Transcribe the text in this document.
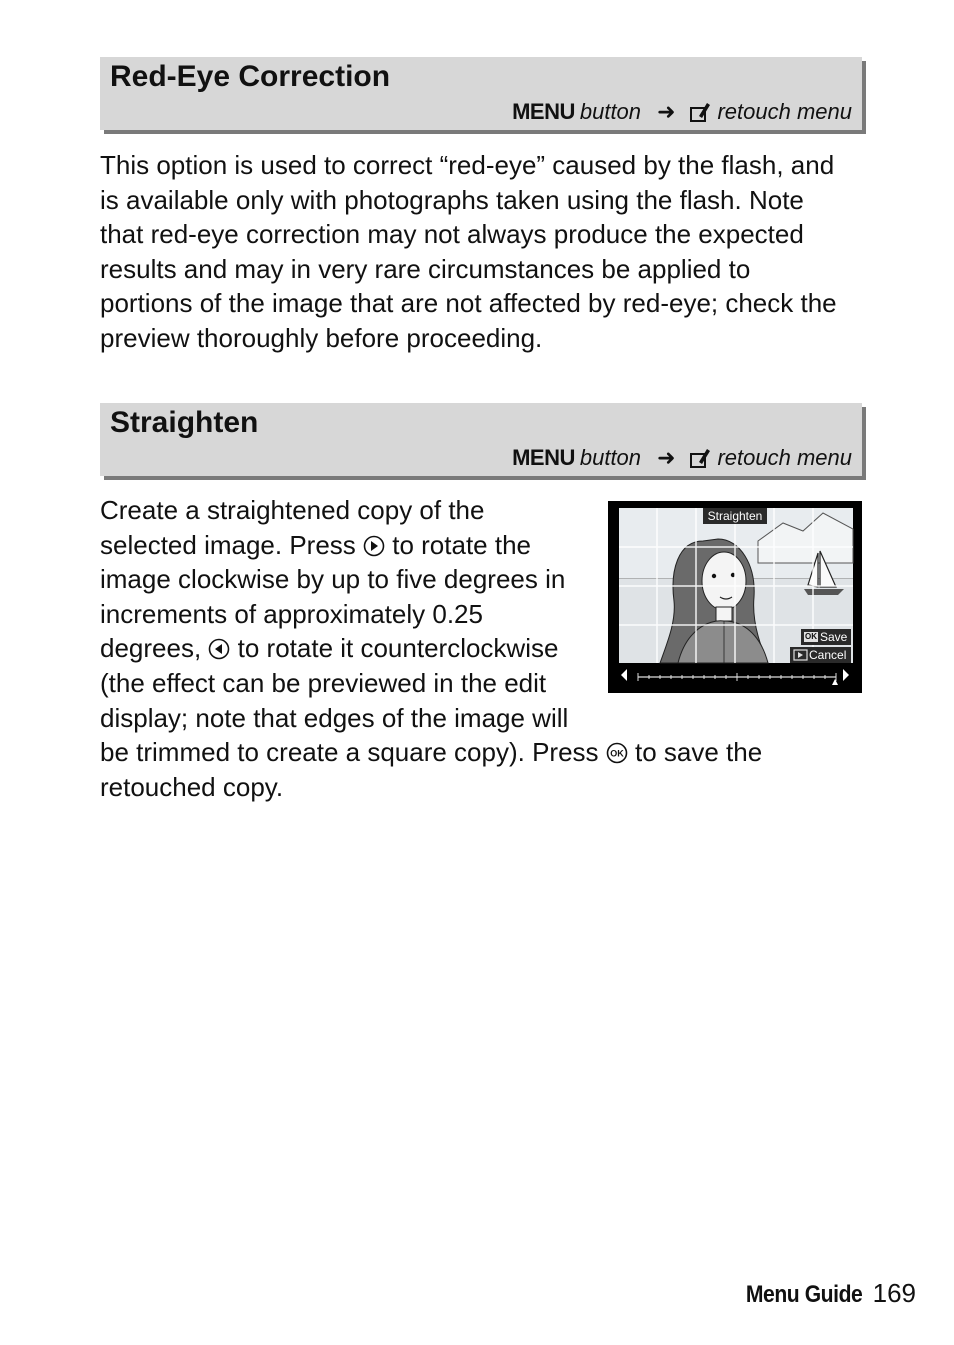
Red-Eye Correction
MENU button ➜ retouch menu
This option is used to correct “red-eye” caused by the flash, and
is available only with photographs taken using the flash. Note
that red-eye correction may not always produce the expected
results and may in very rare circumstances be applied to
portions of the image that are not affected by red-eye; check the
preview thoroughly before proceeding.
Straighten
MENU button ➜ retouch menu
Create a straightened copy of the
selected image. Press  to rotate the
image clockwise by up to five degrees in
increments of approximately 0.25
degrees,  to rotate it counterclockwise
(the effect can be previewed in the edit
display; note that edges of the image will
be trimmed to create a square copy). Press OK to save the
retouched copy.
Straighten
OK Save
Cancel
Menu Guide 169
